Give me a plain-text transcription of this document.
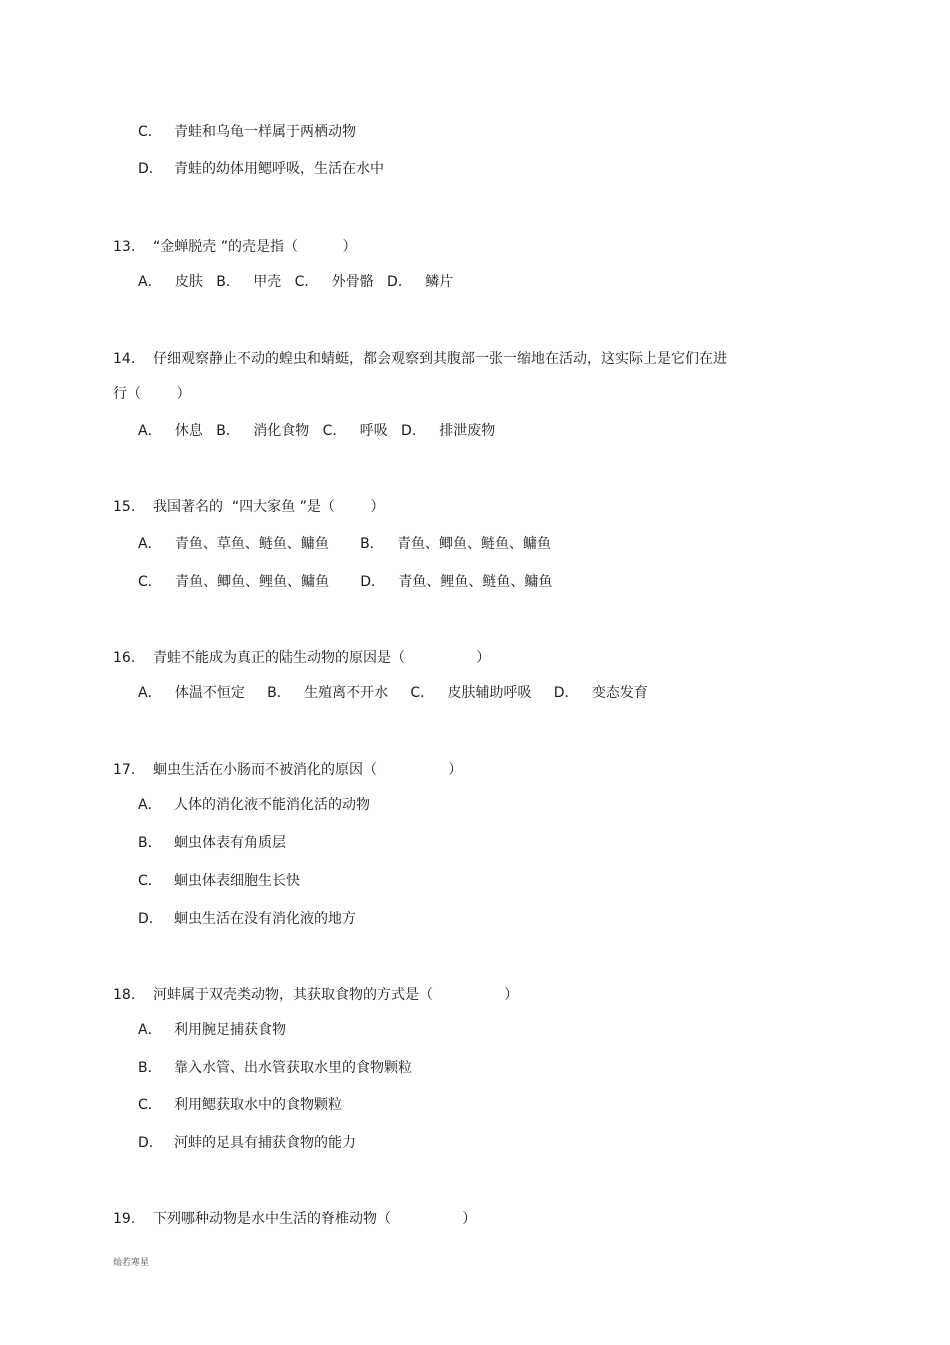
C． 青蛙和乌龟一样属于两栖动物
D． 青蛙的幼体用鳃呼吸，生活在水中
13. “金蝉脱壳 ”的壳是指（          ）
A．   皮肤   B．   甲壳   C．   外骨骼   D．   鳞片
14. 仔细观察静止不动的蝗虫和蜻蜓，都会观察到其腹部一张一缩地在活动，这实际上是它们在进
行（        ）
A．   休息   B．   消化食物   C．   呼吸   D．   排泄废物
15. 我国著名的  “四大家鱼 ”是（        ）
A．   青鱼、草鱼、鲢鱼、鳙鱼       B．   青鱼、鲫鱼、鲢鱼、鳙鱼
C．   青鱼、鲫鱼、鲤鱼、鳙鱼       D．   青鱼、鲤鱼、鲢鱼、鳙鱼
16. 青蛙不能成为真正的陆生动物的原因是（                ）
A．   体温不恒定     B．   生殖离不开水     C．   皮肤辅助呼吸     D．   变态发育
17. 蛔虫生活在小肠而不被消化的原因（                ）
A． 人体的消化液不能消化活的动物
B． 蛔虫体表有角质层
C． 蛔虫体表细胞生长快
D． 蛔虫生活在没有消化液的地方
18. 河蚌属于双壳类动物，其获取食物的方式是（                ）
A． 利用腕足捕获食物
B． 靠入水管、出水管获取水里的食物颗粒
C． 利用鳃获取水中的食物颗粒
D． 河蚌的足具有捕获食物的能力
19. 下列哪种动物是水中生活的脊椎动物（                ）
灿若寒星
